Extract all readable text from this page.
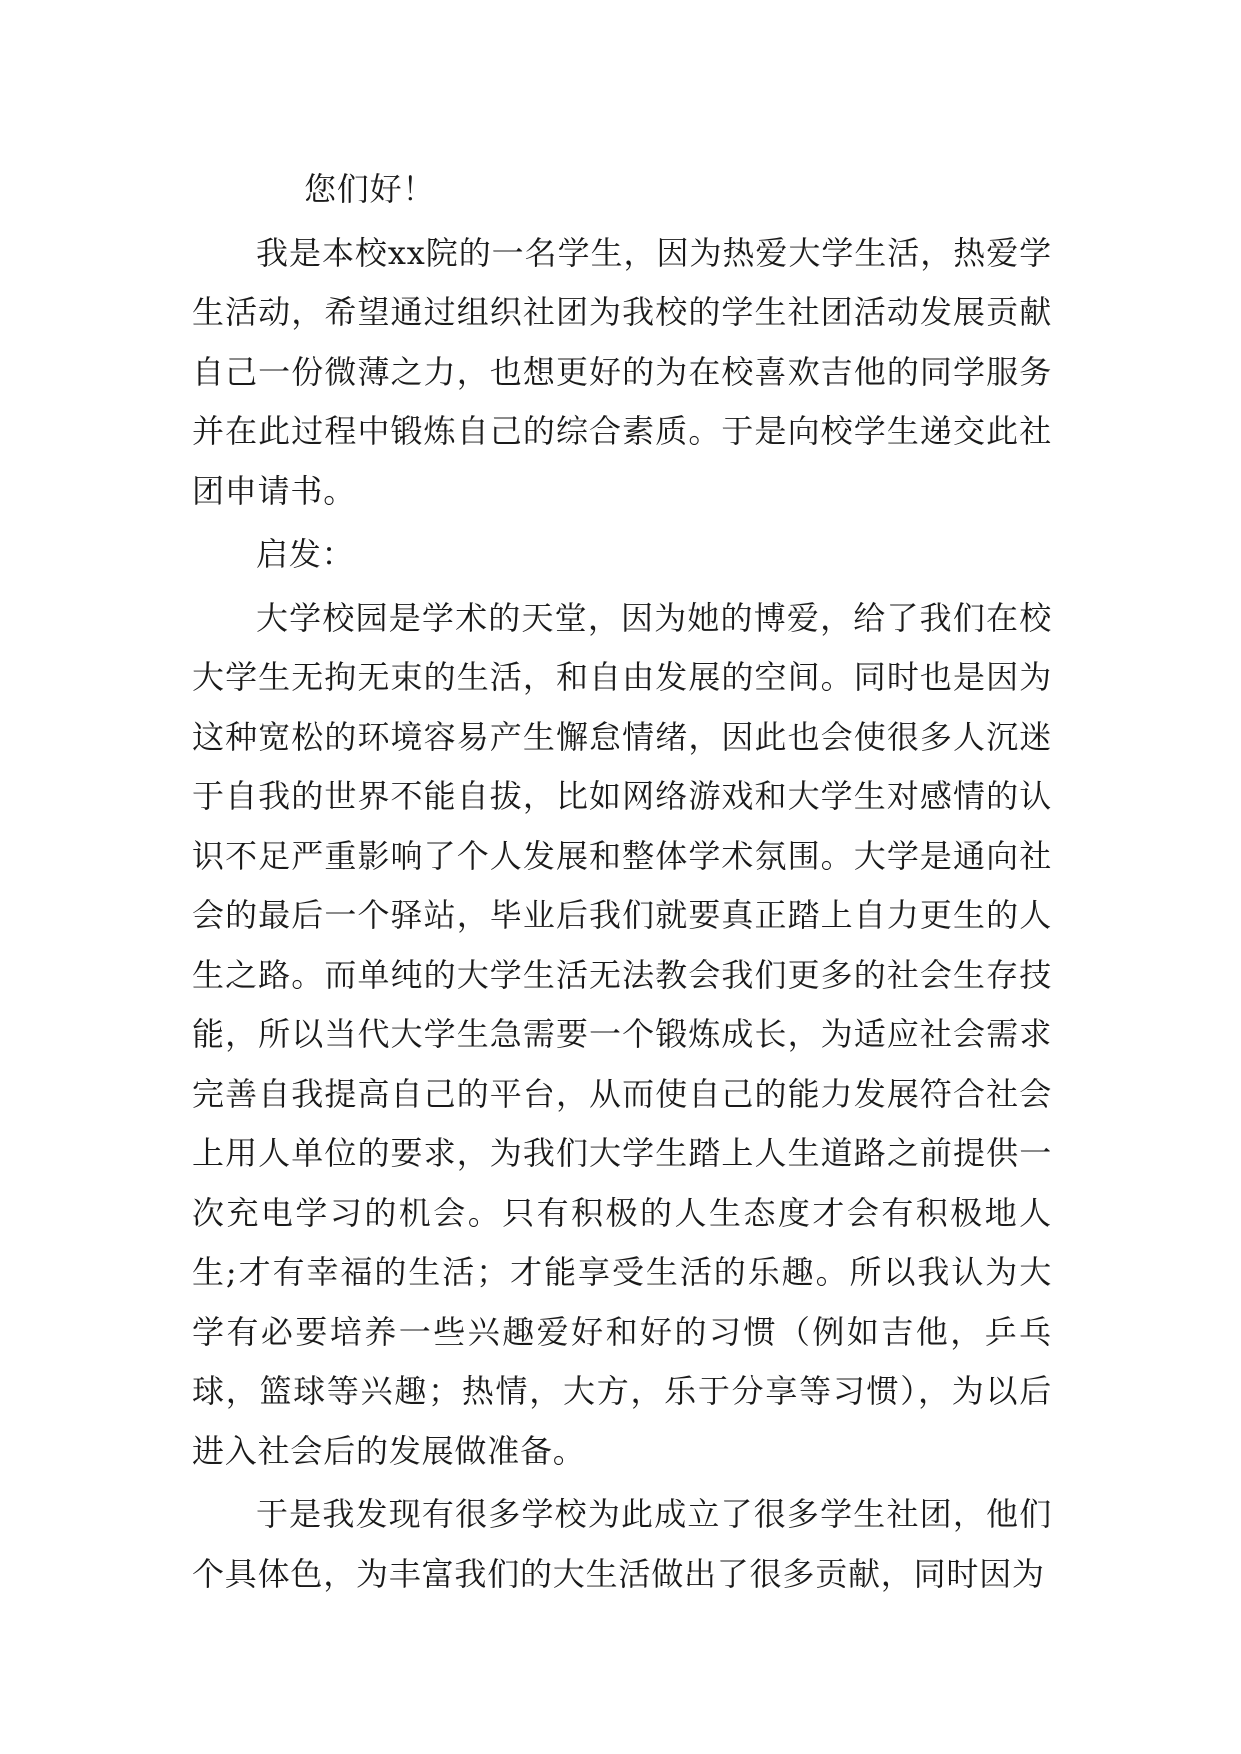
您们好！

我是本校xx院的一名学生，因为热爱大学生活，热爱学生活动，希望通过组织社团为我校的学生社团活动发展贡献自己一份微薄之力，也想更好的为在校喜欢吉他的同学服务并在此过程中锻炼自己的综合素质。于是向校学生递交此社团申请书。

启发：

大学校园是学术的天堂，因为她的博爱，给了我们在校大学生无拘无束的生活，和自由发展的空间。同时也是因为这种宽松的环境容易产生懈怠情绪，因此也会使很多人沉迷于自我的世界不能自拔，比如网络游戏和大学生对感情的认识不足严重影响了个人发展和整体学术氛围。大学是通向社会的最后一个驿站，毕业后我们就要真正踏上自力更生的人生之路。而单纯的大学生活无法教会我们更多的社会生存技能，所以当代大学生急需要一个锻炼成长，为适应社会需求完善自我提高自己的平台，从而使自己的能力发展符合社会上用人单位的要求，为我们大学生踏上人生道路之前提供一次充电学习的机会。只有积极的人生态度才会有积极地人生;才有幸福的生活；才能享受生活的乐趣。所以我认为大学有必要培养一些兴趣爱好和好的习惯（例如吉他，乒乓球，篮球等兴趣；热情，大方，乐于分享等习惯），为以后进入社会后的发展做准备。

于是我发现有很多学校为此成立了很多学生社团，他们个具体色，为丰富我们的大生活做出了很多贡献，同时因为
